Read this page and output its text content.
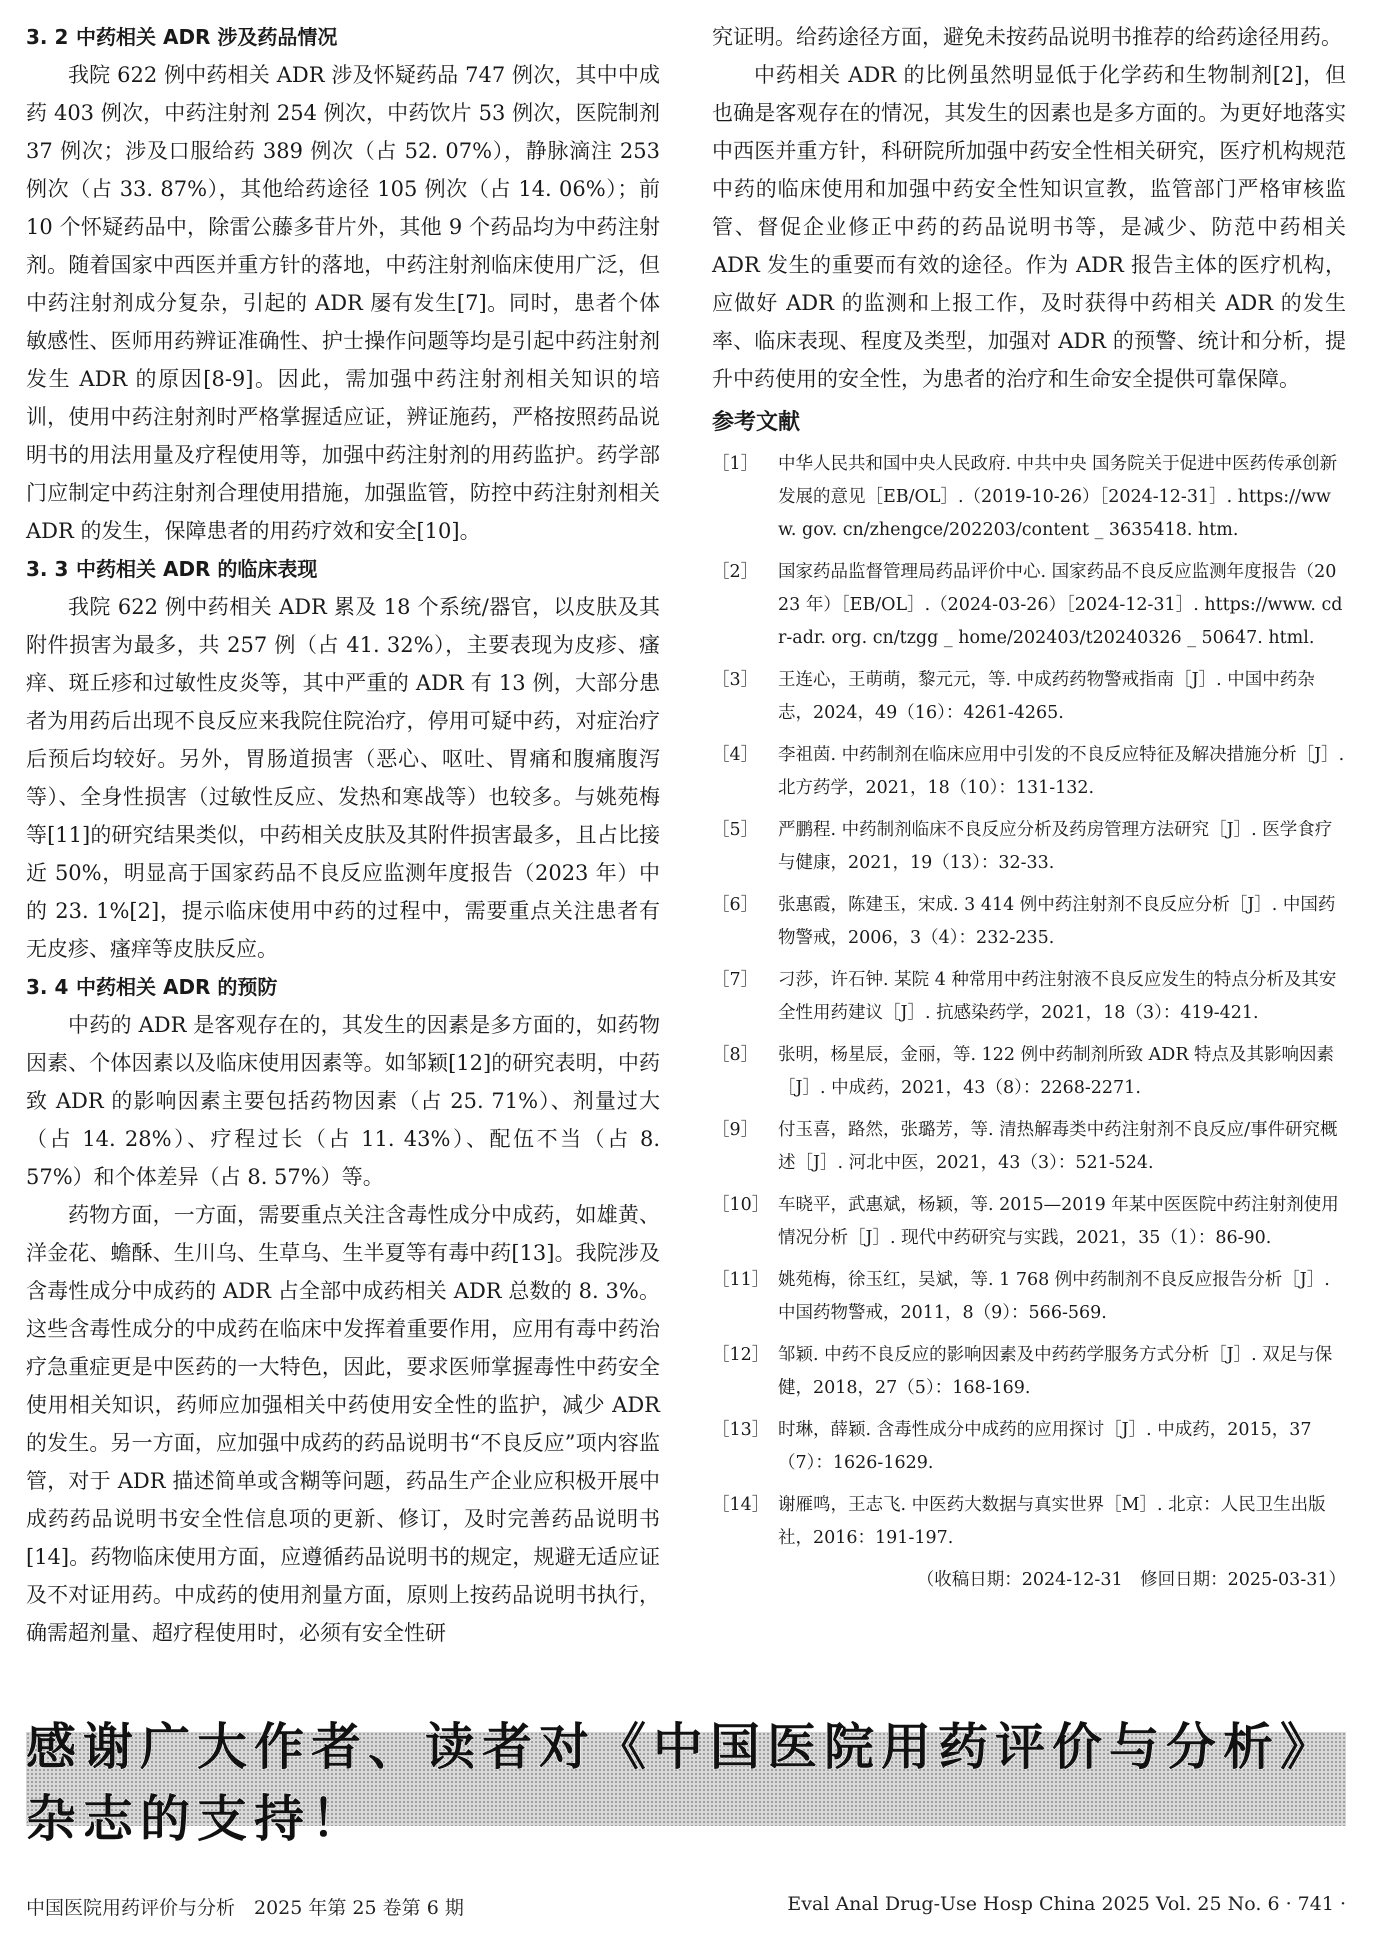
3. 2 中药相关 ADR 涉及药品情况

我院 622 例中药相关 ADR 涉及怀疑药品 747 例次，其中中成药 403 例次，中药注射剂 254 例次，中药饮片 53 例次，医院制剂 37 例次；涉及口服给药 389 例次（占 52. 07%），静脉滴注 253 例次（占 33. 87%），其他给药途径 105 例次（占 14. 06%）；前 10 个怀疑药品中，除雷公藤多苷片外，其他 9 个药品均为中药注射剂。随着国家中西医并重方针的落地，中药注射剂临床使用广泛，但中药注射剂成分复杂，引起的 ADR 屡有发生[7]。同时，患者个体敏感性、医师用药辨证准确性、护士操作问题等均是引起中药注射剂发生 ADR 的原因[8-9]。因此，需加强中药注射剂相关知识的培训，使用中药注射剂时严格掌握适应证，辨证施药，严格按照药品说明书的用法用量及疗程使用等，加强中药注射剂的用药监护。药学部门应制定中药注射剂合理使用措施，加强监管，防控中药注射剂相关 ADR 的发生，保障患者的用药疗效和安全[10]。

3. 3 中药相关 ADR 的临床表现

我院 622 例中药相关 ADR 累及 18 个系统/器官，以皮肤及其附件损害为最多，共 257 例（占 41. 32%），主要表现为皮疹、瘙痒、斑丘疹和过敏性皮炎等，其中严重的 ADR 有 13 例，大部分患者为用药后出现不良反应来我院住院治疗，停用可疑中药，对症治疗后预后均较好。另外，胃肠道损害（恶心、呕吐、胃痛和腹痛腹泻等）、全身性损害（过敏性反应、发热和寒战等）也较多。与姚苑梅等[11]的研究结果类似，中药相关皮肤及其附件损害最多，且占比接近 50%，明显高于国家药品不良反应监测年度报告（2023 年）中的 23. 1%[2]，提示临床使用中药的过程中，需要重点关注患者有无皮疹、瘙痒等皮肤反应。

3. 4 中药相关 ADR 的预防

中药的 ADR 是客观存在的，其发生的因素是多方面的，如药物因素、个体因素以及临床使用因素等。如邹颖[12]的研究表明，中药致 ADR 的影响因素主要包括药物因素（占 25. 71%）、剂量过大（占 14. 28%）、疗程过长（占 11. 43%）、配伍不当（占 8. 57%）和个体差异（占 8. 57%）等。

药物方面，一方面，需要重点关注含毒性成分中成药，如雄黄、洋金花、蟾酥、生川乌、生草乌、生半夏等有毒中药[13]。我院涉及含毒性成分中成药的 ADR 占全部中成药相关 ADR 总数的 8. 3%。这些含毒性成分的中成药在临床中发挥着重要作用，应用有毒中药治疗急重症更是中医药的一大特色，因此，要求医师掌握毒性中药安全使用相关知识，药师应加强相关中药使用安全性的监护，减少 ADR 的发生。另一方面，应加强中成药的药品说明书“不良反应”项内容监管，对于 ADR 描述简单或含糊等问题，药品生产企业应积极开展中成药药品说明书安全性信息项的更新、修订，及时完善药品说明书[14]。药物临床使用方面，应遵循药品说明书的规定，规避无适应证及不对证用药。中成药的使用剂量方面，原则上按药品说明书执行，确需超剂量、超疗程使用时，必须有安全性研

究证明。给药途径方面，避免未按药品说明书推荐的给药途径用药。

中药相关 ADR 的比例虽然明显低于化学药和生物制剂[2]，但也确是客观存在的情况，其发生的因素也是多方面的。为更好地落实中西医并重方针，科研院所加强中药安全性相关研究，医疗机构规范中药的临床使用和加强中药安全性知识宣教，监管部门严格审核监管、督促企业修正中药的药品说明书等，是减少、防范中药相关 ADR 发生的重要而有效的途径。作为 ADR 报告主体的医疗机构，应做好 ADR 的监测和上报工作，及时获得中药相关 ADR 的发生率、临床表现、程度及类型，加强对 ADR 的预警、统计和分析，提升中药使用的安全性，为患者的治疗和生命安全提供可靠保障。

参考文献
［1］	中华人民共和国中央人民政府. 中共中央 国务院关于促进中医药传承创新发展的意见［EB/OL］.（2019-10-26）［2024-12-31］. https://www. gov. cn/zhengce/202203/content _ 3635418. htm.
［2］	国家药品监督管理局药品评价中心. 国家药品不良反应监测年度报告（2023 年）［EB/OL］.（2024-03-26）［2024-12-31］. https://www. cdr-adr. org. cn/tzgg _ home/202403/t20240326 _ 50647. html.
［3］	王连心，王萌萌，黎元元，等. 中成药药物警戒指南［J］. 中国中药杂志，2024，49（16）：4261-4265.
［4］	李祖茵. 中药制剂在临床应用中引发的不良反应特征及解决措施分析［J］. 北方药学，2021，18（10）：131-132.
［5］	严鹏程. 中药制剂临床不良反应分析及药房管理方法研究［J］. 医学食疗与健康，2021，19（13）：32-33.
［6］	张惠霞，陈建玉，宋成. 3 414 例中药注射剂不良反应分析［J］. 中国药物警戒，2006，3（4）：232-235.
［7］	刁莎，许石钟. 某院 4 种常用中药注射液不良反应发生的特点分析及其安全性用药建议［J］. 抗感染药学，2021，18（3）：419-421.
［8］	张明，杨星辰，金丽，等. 122 例中药制剂所致 ADR 特点及其影响因素［J］. 中成药，2021，43（8）：2268-2271.
［9］	付玉喜，路然，张璐芳，等. 清热解毒类中药注射剂不良反应/事件研究概述［J］. 河北中医，2021，43（3）：521-524.
［10］ 车晓平，武惠斌，杨颖，等. 2015—2019 年某中医医院中药注射剂使用情况分析［J］. 现代中药研究与实践，2021，35（1）：86-90.
［11］ 姚苑梅，徐玉红，吴斌，等. 1 768 例中药制剂不良反应报告分析［J］. 中国药物警戒，2011，8（9）：566-569.
［12］ 邹颖. 中药不良反应的影响因素及中药药学服务方式分析［J］. 双足与保健，2018，27（5）：168-169.
［13］ 时琳，薛颖. 含毒性成分中成药的应用探讨［J］. 中成药，2015，37（7）：1626-1629.
［14］ 谢雁鸣，王志飞. 中医药大数据与真实世界［M］. 北京：人民卫生出版社，2016：191-197.
（收稿日期：2024-12-31　修回日期：2025-03-31）
感谢广大作者、读者对《中国医院用药评价与分析》杂志的支持！
中国医院用药评价与分析　2025 年第 25 卷第 6 期	Eval Anal Drug-Use Hosp China 2025 Vol. 25 No. 6 · 741 ·
